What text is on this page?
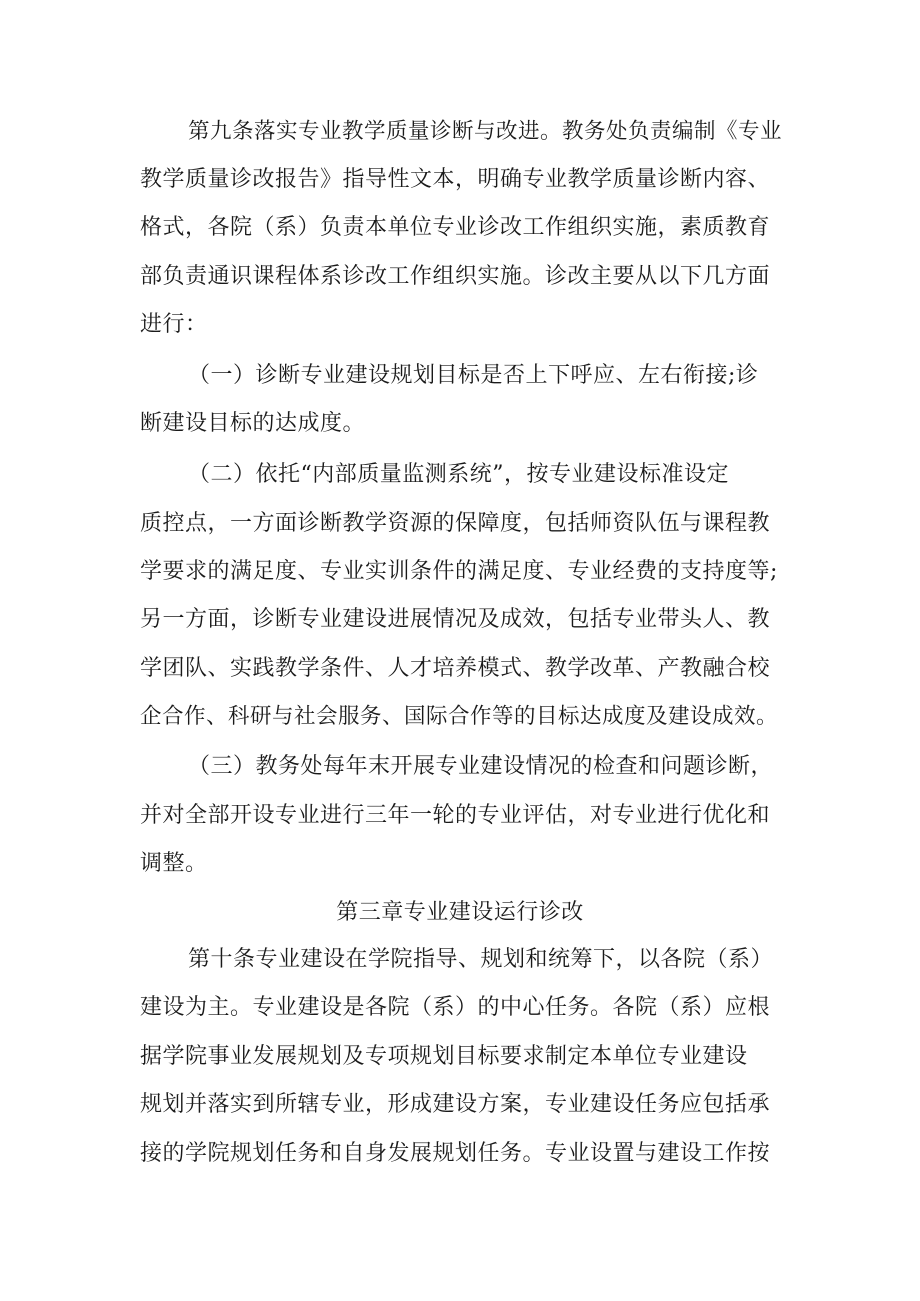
第九条落实专业教学质量诊断与改进。教务处负责编制《专业
教学质量诊改报告》指导性文本，明确专业教学质量诊断内容、
格式，各院（系）负责本单位专业诊改工作组织实施，素质教育
部负责通识课程体系诊改工作组织实施。诊改主要从以下几方面
进行：
（一）诊断专业建设规划目标是否上下呼应、左右衔接;诊
断建设目标的达成度。
（二）依托“内部质量监测系统”，按专业建设标准设定
质控点，一方面诊断教学资源的保障度，包括师资队伍与课程教
学要求的满足度、专业实训条件的满足度、专业经费的支持度等;
另一方面，诊断专业建设进展情况及成效，包括专业带头人、教
学团队、实践教学条件、人才培养模式、教学改革、产教融合校
企合作、科研与社会服务、国际合作等的目标达成度及建设成效。
（三）教务处每年末开展专业建设情况的检查和问题诊断，
并对全部开设专业进行三年一轮的专业评估，对专业进行优化和
调整。
第三章专业建设运行诊改
第十条专业建设在学院指导、规划和统筹下，以各院（系）
建设为主。专业建设是各院（系）的中心任务。各院（系）应根
据学院事业发展规划及专项规划目标要求制定本单位专业建设
规划并落实到所辖专业，形成建设方案，专业建设任务应包括承
接的学院规划任务和自身发展规划任务。专业设置与建设工作按
